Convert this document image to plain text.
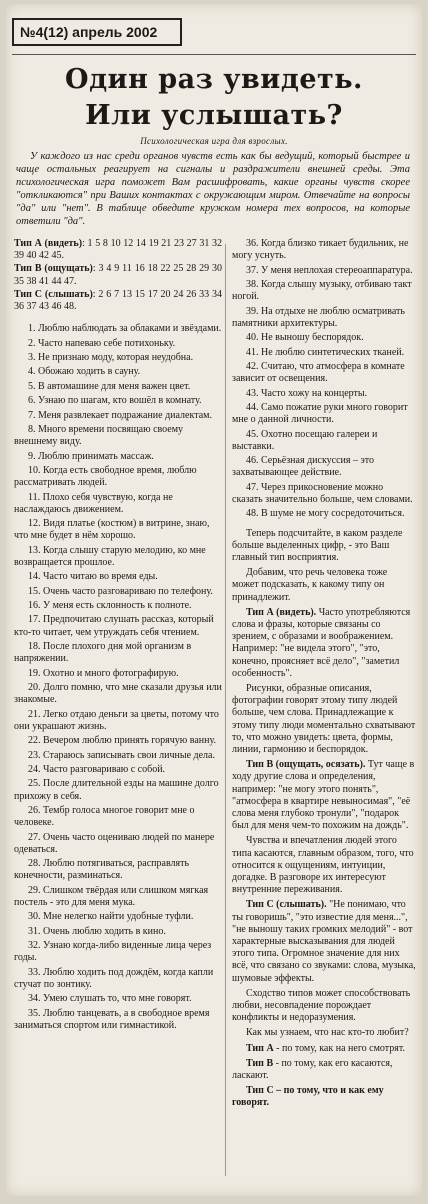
№4(12) апрель 2002
Один раз увидеть.
Или услышать?
Психологическая игра для взрослых.
У каждого из нас среди органов чувств есть как бы ведущий, который быстрее и чаще остальных реагирует на сигналы и раздражители внешней среды. Эта психологическая игра поможет Вам расшифровать, какие органы чувств скорее "откликаются" при Ваших контактах с окружающим миром. Отвечайте на вопросы "да" или "нет". В таблице обведите кружком номера тех вопросов, на которые ответили "да".
Тип А (видеть): 1 5 8 10 12 14 19 21 23 27 31 32 39 40 42 45.
Тип В (ощущать): 3 4 9 11 16 18 22 25 28 29 30 35 38 41 44 47.
Тип С (слышать): 2 6 7 13 15 17 20 24 26 33 34 36 37 43 46 48.

1. Люблю наблюдать за облаками и звёздами.

2. Часто напеваю себе потихоньку.

3. Не признаю моду, которая неудобна.

4. Обожаю ходить в сауну.

5. В автомашине для меня важен цвет.

6. Узнаю по шагам, кто вошёл в комнату.

7. Меня развлекает подражание диалектам.

8. Много времени посвящаю своему внешнему виду.

9. Люблю принимать массаж.

10. Когда есть свободное время, люблю рассматривать людей.

11. Плохо себя чувствую, когда не наслаждаюсь движением.

12. Видя платье (костюм) в витрине, знаю, что мне будет в нём хорошо.

13. Когда слышу старую мелодию, ко мне возвращается прошлое.

14. Часто читаю во время еды.

15. Очень часто разговариваю по телефону.

16. У меня есть склонность к полноте.

17. Предпочитаю слушать рассказ, который кто-то читает, чем утруждать себя чтением.

18. После плохого дня мой организм в напряжении.

19. Охотно и много фотографирую.

20. Долго помню, что мне сказали друзья или знакомые.

21. Легко отдаю деньги за цветы, потому что они украшают жизнь.

22. Вечером люблю принять горячую ванну.

23. Стараюсь записывать свои личные дела.

24. Часто разговариваю с собой.

25. После длительной езды на машине долго прихожу в себя.

26. Тембр голоса многое говорит мне о человеке.

27. Очень часто оцениваю людей по манере одеваться.

28. Люблю потягиваться, расправлять конечности, разминаться.

29. Слишком твёрдая или слишком мягкая постель - это для меня мука.

30. Мне нелегко найти удобные туфли.

31. Очень люблю ходить в кино.

32. Узнаю когда-либо виденные лица через годы.

33. Люблю ходить под дождём, когда капли стучат по зонтику.

34. Умею слушать то, что мне говорят.

35. Люблю танцевать, а в свободное время заниматься спортом или гимнастикой.

36. Когда близко тикает будильник, не могу уснуть.

37. У меня неплохая стереоаппаратура.

38. Когда слышу музыку, отбиваю такт ногой.

39. На отдыхе не люблю осматривать памятники архитектуры.

40. Не выношу беспорядок.

41. Не люблю синтетических тканей.

42. Считаю, что атмосфера в комнате зависит от освещения.

43. Часто хожу на концерты.

44. Само пожатие руки много говорит мне о данной личности.

45. Охотно посещаю галереи и выставки.

46. Серьёзная дискуссия – это захватывающее действие.

47. Через прикосновение можно сказать значительно больше, чем словами.

48. В шуме не могу сосредоточиться.

Теперь подсчитайте, в каком разделе больше выделенных цифр, - это Ваш главный тип восприятия.

Добавим, что речь человека тоже может подсказать, к какому типу он принадлежит.

Тип А (видеть). Часто употребляются слова и фразы, которые связаны со зрением, с образами и воображением. Например: "не видела этого", "это, конечно, проясняет всё дело", "заметил особенность".

Рисунки, образные описания, фотографии говорят этому типу людей больше, чем слова. Принадлежащие к этому типу люди моментально схватывают то, что можно увидеть: цвета, формы, линии, гармонию и беспорядок.

Тип В (ощущать, осязать). Тут чаще в ходу другие слова и определения, например: "не могу этого понять", "атмосфера в квартире невыносимая", "её слова меня глубоко тронули", "подарок был для меня чем-то похожим на дождь".

Чувства и впечатления людей этого типа касаются, главным образом, того, что относится к ощущениям, интуиции, догадке. В разговоре их интересуют внутренние переживания.

Тип С (слышать). "Не понимаю, что ты говоришь", "это известие для меня...", "не выношу таких громких мелодий" - вот характерные высказывания для людей этого типа. Огромное значение для них всё, что связано со звуками: слова, музыка, шумовые эффекты.

Сходство типов может способствовать любви, несовпадение порождает конфликты и недоразумения.

Как мы узнаем, что нас кто-то любит?

Тип А - по тому, как на него смотрят.

Тип В - по тому, как его касаются, ласкают.

Тип С – по тому, что и как ему говорят.
